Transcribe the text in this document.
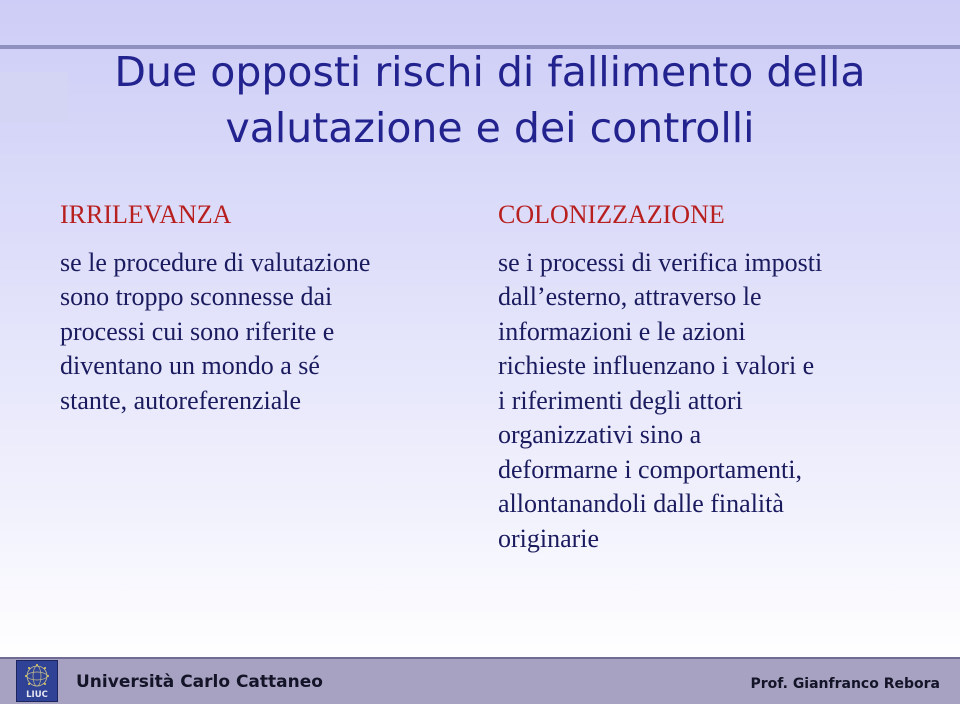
Due opposti rischi di fallimento della valutazione e dei controlli

IRRILEVANZA

se le procedure di valutazione
sono troppo sconnesse dai
processi cui sono riferite e
diventano un mondo a sé
stante, autoreferenziale

COLONIZZAZIONE

se i processi di verifica imposti
dall’esterno, attraverso le
informazioni e le azioni
richieste influenzano i valori e
i riferimenti degli attori
organizzativi sino a
deformarne i comportamenti,
allontanandoli dalle finalità
originarie

LIUC
Università Carlo Cattaneo	Prof. Gianfranco Rebora
